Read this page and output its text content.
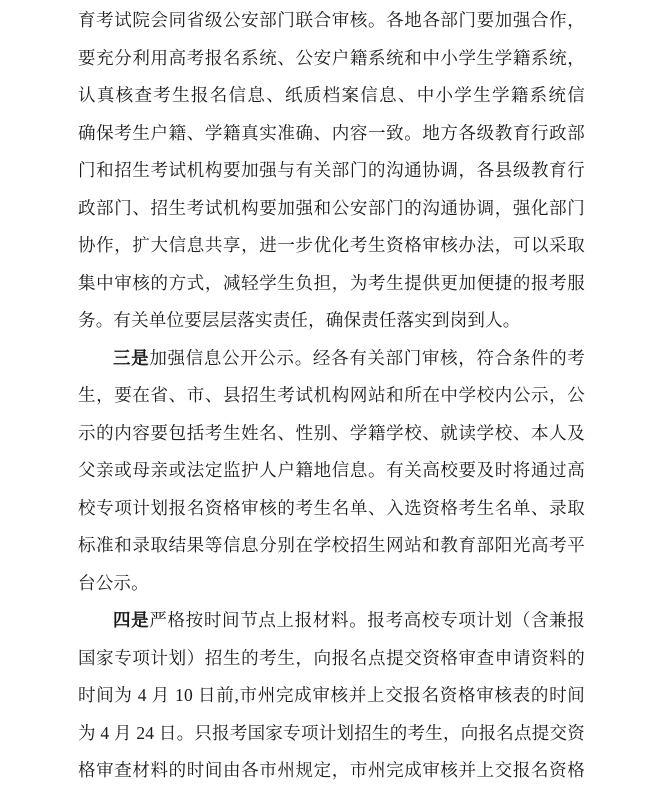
育考试院会同省级公安部门联合审核。各地各部门要加强合作，
要充分利用高考报名系统、公安户籍系统和中小学生学籍系统，
认真核查考生报名信息、纸质档案信息、中小学生学籍系统信
确保考生户籍、学籍真实准确、内容一致。地方各级教育行政部
门和招生考试机构要加强与有关部门的沟通协调，各县级教育行
政部门、招生考试机构要加强和公安部门的沟通协调，强化部门
协作，扩大信息共享，进一步优化考生资格审核办法，可以采取
集中审核的方式，减轻学生负担，为考生提供更加便捷的报考服
务。有关单位要层层落实责任，确保责任落实到岗到人。
三是加强信息公开公示。经各有关部门审核，符合条件的考
生，要在省、市、县招生考试机构网站和所在中学校内公示，公
示的内容要包括考生姓名、性别、学籍学校、就读学校、本人及
父亲或母亲或法定监护人户籍地信息。有关高校要及时将通过高
校专项计划报名资格审核的考生名单、入选资格考生名单、录取
标准和录取结果等信息分别在学校招生网站和教育部阳光高考平
台公示。
四是严格按时间节点上报材料。报考高校专项计划（含兼报
国家专项计划）招生的考生，向报名点提交资格审查申请资料的
时间为 4 月 10 日前,市州完成审核并上交报名资格审核表的时间
为 4 月 24 日。只报考国家专项计划招生的考生，向报名点提交资
格审查材料的时间由各市州规定，市州完成审核并上交报名资格
